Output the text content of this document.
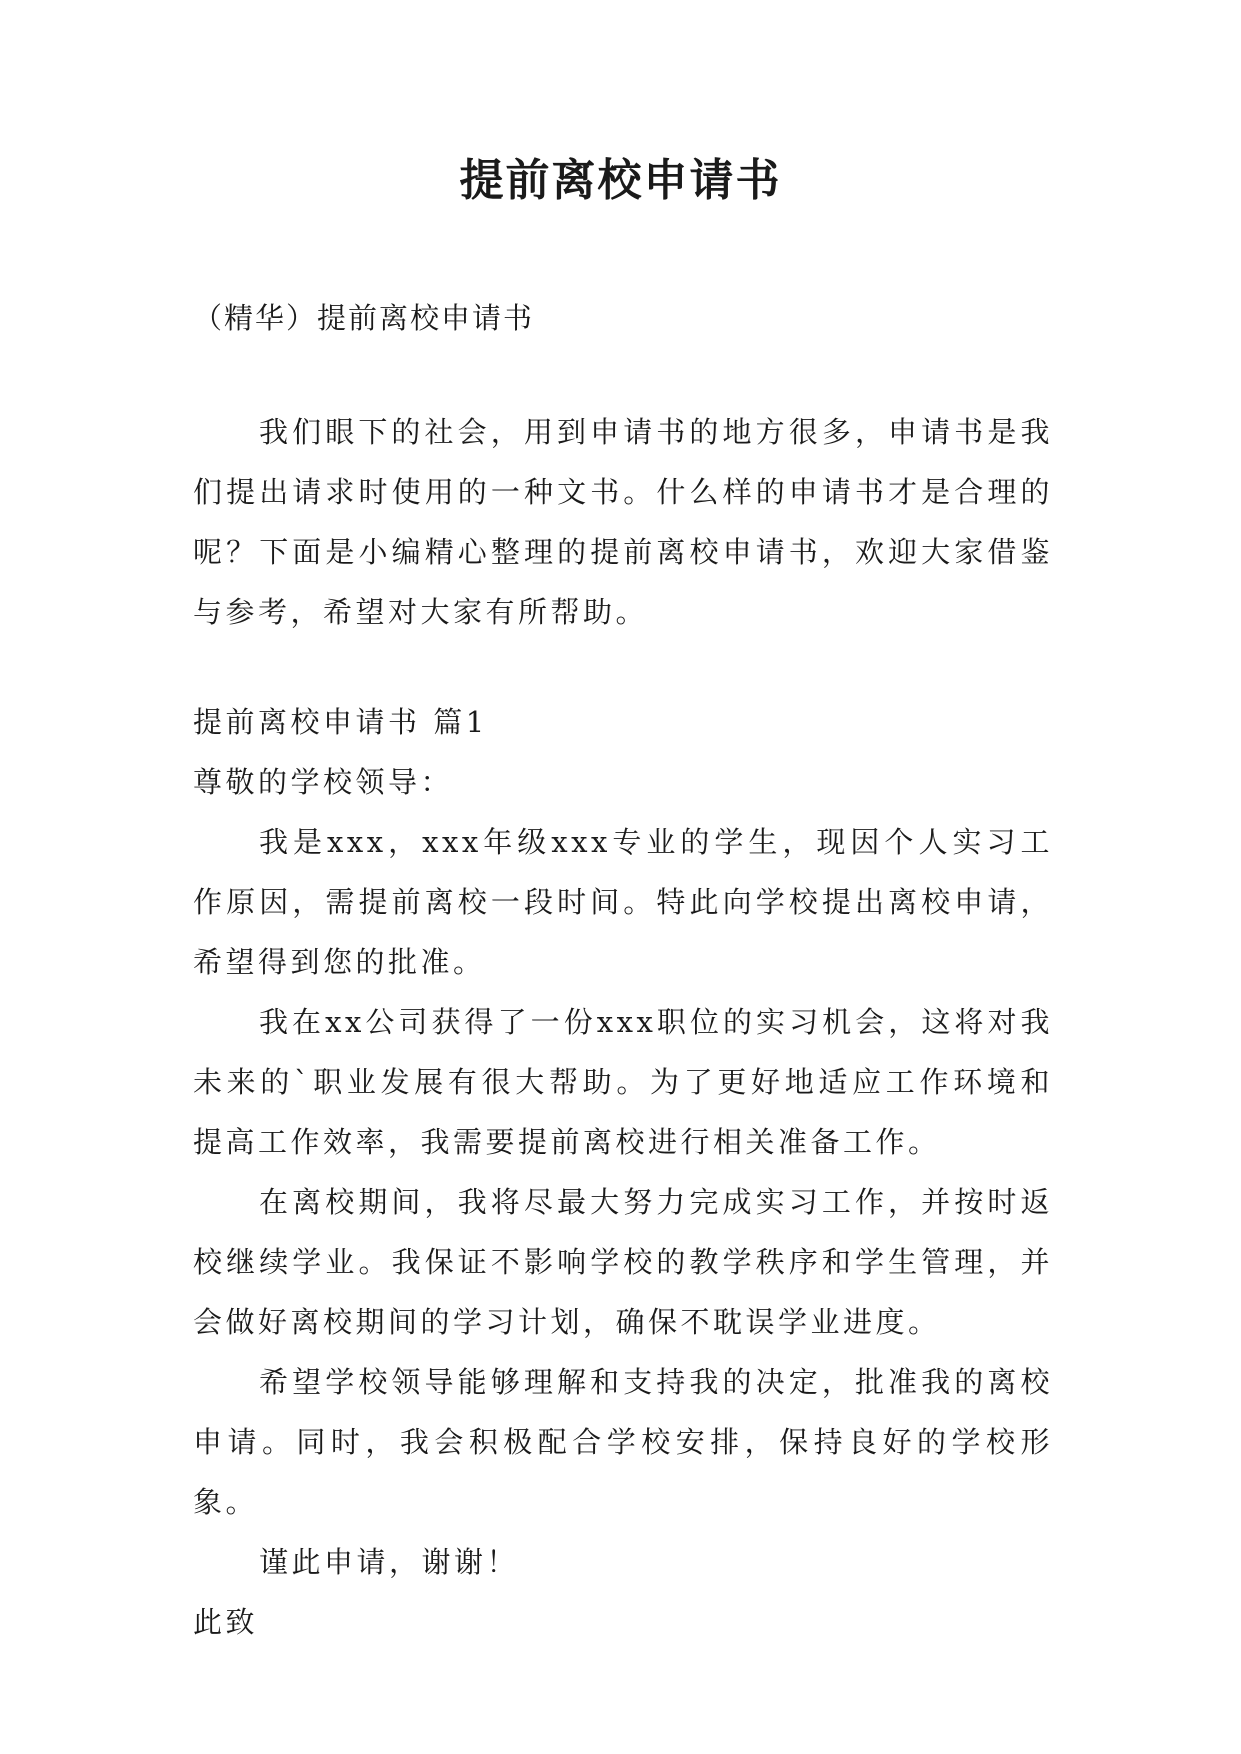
提前离校申请书

（精华）提前离校申请书

我们眼下的社会，用到申请书的地方很多，申请书是我们提出请求时使用的一种文书。什么样的申请书才是合理的呢？下面是小编精心整理的提前离校申请书，欢迎大家借鉴与参考，希望对大家有所帮助。

提前离校申请书 篇1

尊敬的学校领导：

我是xxx，xxx年级xxx专业的学生，现因个人实习工作原因，需提前离校一段时间。特此向学校提出离校申请，希望得到您的批准。

我在xx公司获得了一份xxx职位的实习机会，这将对我未来的`职业发展有很大帮助。为了更好地适应工作环境和提高工作效率，我需要提前离校进行相关准备工作。

在离校期间，我将尽最大努力完成实习工作，并按时返校继续学业。我保证不影响学校的教学秩序和学生管理，并会做好离校期间的学习计划，确保不耽误学业进度。

希望学校领导能够理解和支持我的决定，批准我的离校申请。同时，我会积极配合学校安排，保持良好的学校形象。

谨此申请，谢谢！

此致
